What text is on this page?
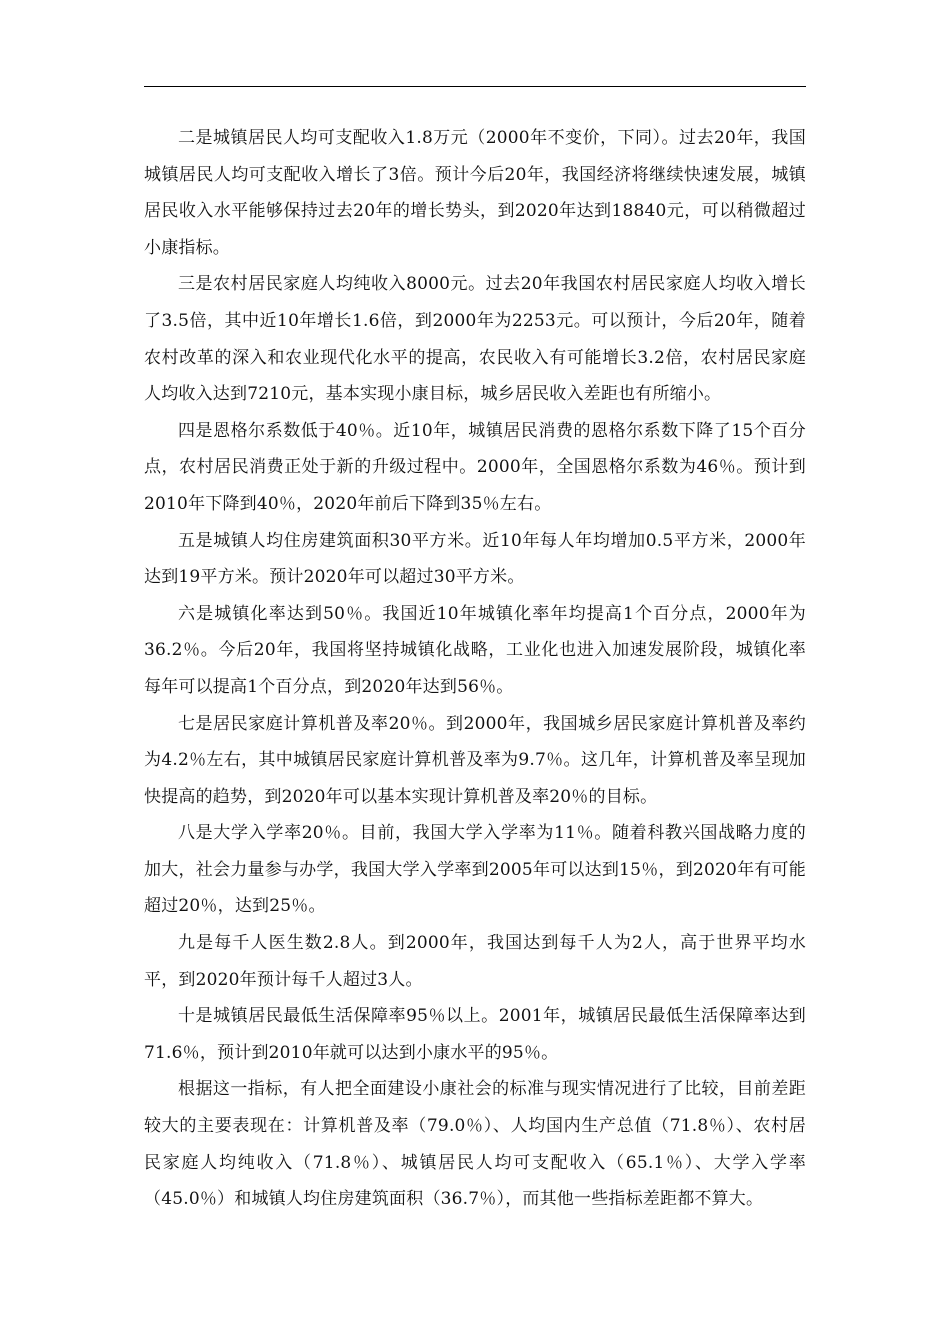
二是城镇居民人均可支配收入1.8万元（2000年不变价，下同）。过去20年，我国城镇居民人均可支配收入增长了3倍。预计今后20年，我国经济将继续快速发展，城镇居民收入水平能够保持过去20年的增长势头，到2020年达到18840元，可以稍微超过小康指标。

三是农村居民家庭人均纯收入8000元。过去20年我国农村居民家庭人均收入增长了3.5倍，其中近10年增长1.6倍，到2000年为2253元。可以预计，今后20年，随着农村改革的深入和农业现代化水平的提高，农民收入有可能增长3.2倍，农村居民家庭人均收入达到7210元，基本实现小康目标，城乡居民收入差距也有所缩小。

四是恩格尔系数低于40％。近10年，城镇居民消费的恩格尔系数下降了15个百分点，农村居民消费正处于新的升级过程中。2000年，全国恩格尔系数为46％。预计到2010年下降到40％，2020年前后下降到35％左右。

五是城镇人均住房建筑面积30平方米。近10年每人年均增加0.5平方米，2000年达到19平方米。预计2020年可以超过30平方米。

六是城镇化率达到50％。我国近10年城镇化率年均提高1个百分点，2000年为36.2％。今后20年，我国将坚持城镇化战略，工业化也进入加速发展阶段，城镇化率每年可以提高1个百分点，到2020年达到56％。

七是居民家庭计算机普及率20％。到2000年，我国城乡居民家庭计算机普及率约为4.2％左右，其中城镇居民家庭计算机普及率为9.7％。这几年，计算机普及率呈现加快提高的趋势，到2020年可以基本实现计算机普及率20％的目标。

八是大学入学率20％。目前，我国大学入学率为11％。随着科教兴国战略力度的加大，社会力量参与办学，我国大学入学率到2005年可以达到15％，到2020年有可能超过20％，达到25％。

九是每千人医生数2.8人。到2000年，我国达到每千人为2人，高于世界平均水平，到2020年预计每千人超过3人。

十是城镇居民最低生活保障率95％以上。2001年，城镇居民最低生活保障率达到71.6％，预计到2010年就可以达到小康水平的95％。

根据这一指标，有人把全面建设小康社会的标准与现实情况进行了比较，目前差距较大的主要表现在：计算机普及率（79.0％）、人均国内生产总值（71.8％）、农村居民家庭人均纯收入（71.8％）、城镇居民人均可支配收入（65.1％）、大学入学率（45.0％）和城镇人均住房建筑面积（36.7％），而其他一些指标差距都不算大。
